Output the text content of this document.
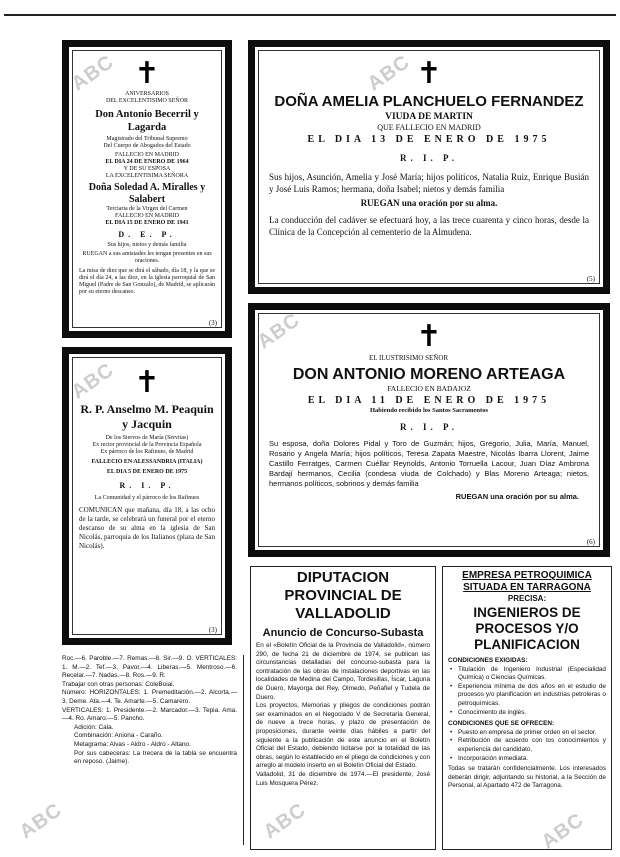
✝
ANIVERSARIOS
DEL EXCELENTISIMO SEÑOR
Don Antonio Becerril y Lagarda
Magistrado del Tribunal Supremo
Del Cuerpo de Abogados del Estado
FALLECIO EN MADRID
EL DIA 24 DE ENERO DE 1964
Y DE SU ESPOSA
LA EXCELENTISIMA SEÑORA
Doña Soledad A. Miralles y Salabert
Terciaria de la Virgen del Carmen
FALLECIO EN MADRID
EL DIA 15 DE ENERO DE 1941
D. E. P.
Sus hijos, nietos y demás familia
RUEGAN a sus amistades les tengan presentes en sus oraciones.
La misa de diez que se dirá el sábado, día 18, y la que se dirá el día 24, a las diez, en la iglesia parroquial de San Miguel (Padre de San Gonzalo), de Madrid, se aplicarán por su eterno descanso.
(3)
✝
R. P. Anselmo M. Peaquin y Jacquin
De los Siervos de María (Servitas)
Ex rector provincial de la Provincia Española
Ex párroco de los Rafinues, de Madrid
FALLECIO EN ALESSANDRIA (ITALIA)
EL DIA 5 DE ENERO DE 1975
R. I. P.
La Comunidad y el párroco de los Rafinues
COMUNICAN que mañana, día 18, a las ocho de la tarde, se celebrará un funeral por el eterno descanso de su alma en la iglesia de San Nicolás, parroquia de los Italianos (plaza de San Nicolás).
(3)
✝
DOÑA AMELIA PLANCHUELO FERNANDEZ
VIUDA DE MARTIN
QUE FALLECIO EN MADRID
EL DIA 13 DE ENERO DE 1975
R. I. P.
Sus hijos, Asunción, Amelia y José María; hijos políticos, Natalia Ruiz, Enrique Busián y José Luis Ramos; hermana, doña Isabel; nietos y demás familia
RUEGAN una oración por su alma.
La conducción del cadáver se efectuará hoy, a las trece cuarenta y cinco horas, desde la Clínica de la Concepción al cementerio de la Almudena.
(5)
✝
EL ILUSTRISIMO SEÑOR
DON ANTONIO MORENO ARTEAGA
FALLECIO EN BADAJOZ
EL DIA 11 DE ENERO DE 1975
Habiendo recibido los Santos Sacramentos
R. I. P.
Su esposa, doña Dolores Pidal y Toro de Guzmán; hijos, Gregorio, Julia, María, Manuel, Rosario y Angela María; hijos políticos, Teresa Zapata Maestre, Nicolás Ibarra Llorent, Jaime Castillo Ferratges, Carmen Cuéllar Reynolds, Antonio Torruella Lacour, Juan Díaz Ambrona Bardají hermanos, Cecilia (condesa viuda de Colchado) y Blas Moreno Arteaga; nietos, hermanos políticos, sobrinos y demás familia
RUEGAN una oración por su alma.
(6)
Roc.—6. Paroble.—7. Remas.—8. Sir.—9. O. VERTICALES: 1. M.—2. Tef.—3. Pavor.—4. Liberas.—5. Mentroso.—6. Recelar.—7. Nadas.—8. Ros.—9. R.
Trabajar con otras personas: ColeBoiai.
Número: HORIZONTALES: 1. Premeditación.—2. Alcorta.—3. Deme. Ata.—4. Te. Amarte.—5. Camarero.
VERTICALES: 1. Presidente.—2. Marcador.—3. Tepia. Ama.—4. Ro. Amaro.—5. Pancho.
Adición: Cala.
Combinación: Aniona - Caraño.
Metagrama: Alvas - Aldro - Aldro - Altano.
Por sus cabeceras: La trecera de la tabla se encuentra en reposo. (Jaime).
DIPUTACION PROVINCIAL DE VALLADOLID
Anuncio de Concurso-Subasta
En el «Boletín Oficial de la Provincia de Valladolid», número 290, de fecha 21 de diciembre de 1974, se publican las circunstancias detalladas del concurso-subasta para la contratación de las obras de instalaciones deportivas en las localidades de Medina del Campo, Tordesillas, Íscar, Laguna de Duero, Mayorga del Rey, Olmedo, Peñafiel y Tudela de Duero.
Los proyectos, Memorias y pliegos de condiciones podrán ser examinados en el Negociado V de Secretaría General, de nueve a trece horas, y plazo de presentación de proposiciones, durante veinte días hábiles a partir del siguiente a la publicación de este anuncio en el Boletín Oficial del Estado, debiendo licitarse por la totalidad de las obras, según lo establecido en el pliego de condiciones y con arreglo al modelo inserto en el Boletín Oficial del Estado.
Valladolid, 31 de diciembre de 1974.—El presidente, José Luis Mosquera Pérez.
EMPRESA PETROQUIMICA SITUADA EN TARRAGONA
PRECISA:
INGENIEROS DE PROCESOS Y/O PLANIFICACION
CONDICIONES EXIGIDAS:
• Titulación de Ingeniero Industrial (Especialidad Química) o Ciencias Químicas.
• Experiencia mínima de dos años en el estudio de procesos y/o planificación en industrias petroleras o petroquímicas.
• Conocimiento de inglés.
CONDICIONES QUE SE OFRECEN:
• Puesto en empresa de primer orden en el sector.
• Retribución de acuerdo con los conocimientos y experiencia del candidato.
• Incorporación inmediata.
Todas se tratarán confidencialmente. Los interesados deberán dirigir, adjuntando su historial, a la Sección de Personal, al Apartado 472 de Tarragona.
ABC	ABC
ABC
ABC
ABC	ABC	ABC
